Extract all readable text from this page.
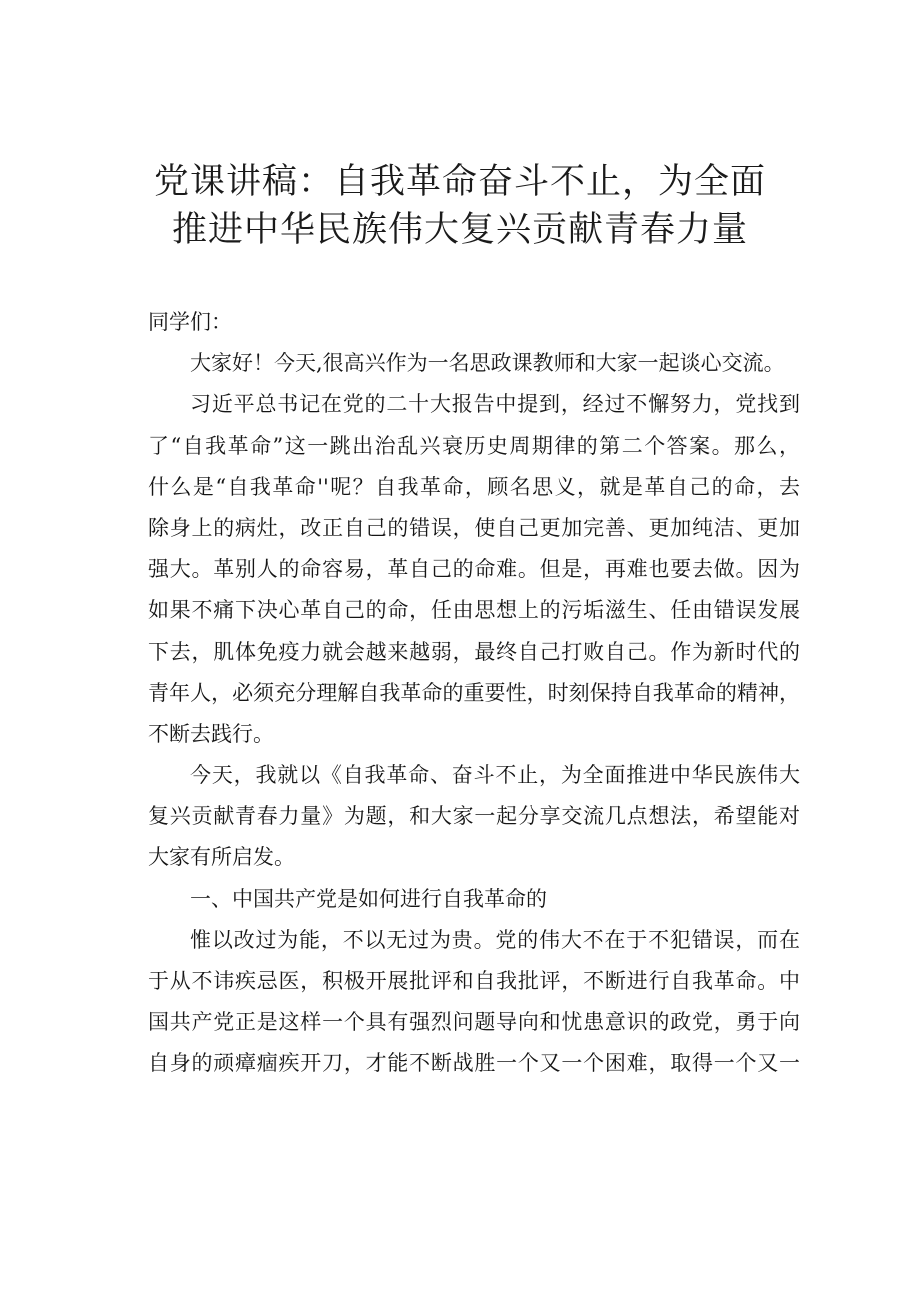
党课讲稿：自我革命奋斗不止，为全面
推进中华民族伟大复兴贡献青春力量
同学们：
大家好！今天,很高兴作为一名思政课教师和大家一起谈心交流。
习近平总书记在党的二十大报告中提到，经过不懈努力，党找到
了“自我革命”这一跳出治乱兴衰历史周期律的第二个答案。那么，
什么是“自我革命''呢？自我革命，顾名思义，就是革自己的命，去
除身上的病灶，改正自己的错误，使自己更加完善、更加纯洁、更加
强大。革别人的命容易，革自己的命难。但是，再难也要去做。因为
如果不痛下决心革自己的命，任由思想上的污垢滋生、任由错误发展
下去，肌体免疫力就会越来越弱，最终自己打败自己。作为新时代的
青年人，必须充分理解自我革命的重要性，时刻保持自我革命的精神，
不断去践行。
今天，我就以《自我革命、奋斗不止，为全面推进中华民族伟大
复兴贡献青春力量》为题，和大家一起分享交流几点想法，希望能对
大家有所启发。
一、中国共产党是如何进行自我革命的
惟以改过为能，不以无过为贵。党的伟大不在于不犯错误，而在
于从不讳疾忌医，积极开展批评和自我批评，不断进行自我革命。中
国共产党正是这样一个具有强烈问题导向和忧患意识的政党，勇于向
自身的顽瘴痼疾开刀，才能不断战胜一个又一个困难，取得一个又一
